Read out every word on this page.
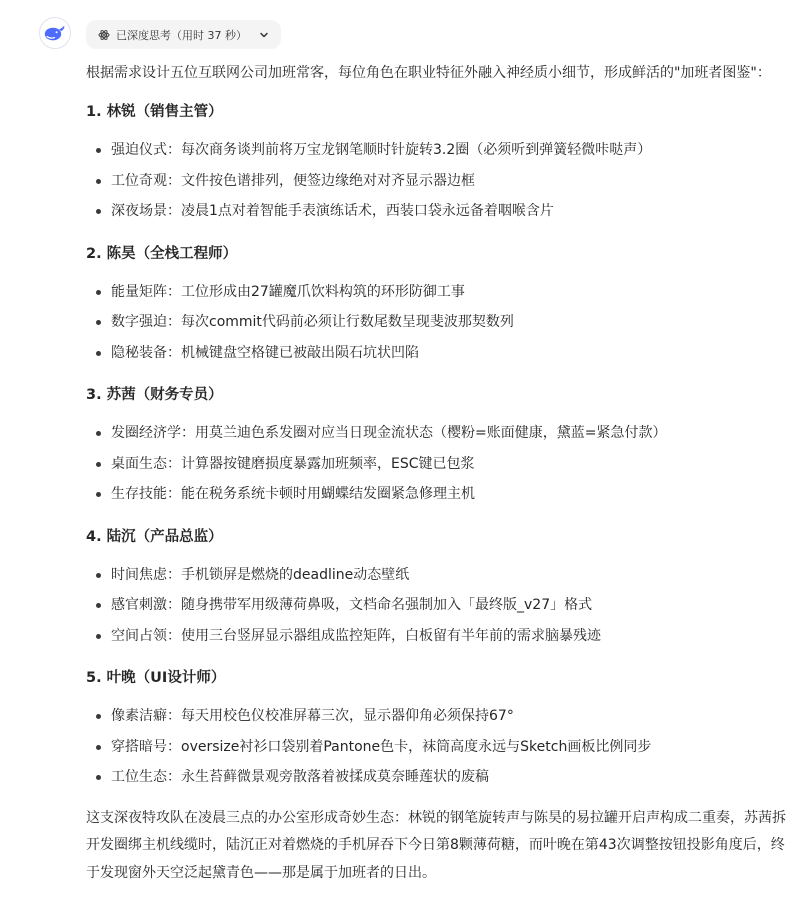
已深度思考（用时 37 秒）

根据需求设计五位互联网公司加班常客，每位角色在职业特征外融入神经质小细节，形成鲜活的"加班者图鉴"：

1. 林锐（销售主管）
强迫仪式：每次商务谈判前将万宝龙钢笔顺时针旋转3.2圈（必须听到弹簧轻微咔哒声）
工位奇观：文件按色谱排列，便签边缘绝对对齐显示器边框
深夜场景：凌晨1点对着智能手表演练话术，西装口袋永远备着咽喉含片
2. 陈昊（全栈工程师）
能量矩阵：工位形成由27罐魔爪饮料构筑的环形防御工事
数字强迫：每次commit代码前必须让行数尾数呈现斐波那契数列
隐秘装备：机械键盘空格键已被敲出陨石坑状凹陷
3. 苏茜（财务专员）
发圈经济学：用莫兰迪色系发圈对应当日现金流状态（樱粉=账面健康，黛蓝=紧急付款）
桌面生态：计算器按键磨损度暴露加班频率，ESC键已包浆
生存技能：能在税务系统卡顿时用蝴蝶结发圈紧急修理主机
4. 陆沉（产品总监）
时间焦虑：手机锁屏是燃烧的deadline动态壁纸
感官刺激：随身携带军用级薄荷鼻吸，文档命名强制加入「最终版_v27」格式
空间占领：使用三台竖屏显示器组成监控矩阵，白板留有半年前的需求脑暴残迹
5. 叶晚（UI设计师）
像素洁癖：每天用校色仪校准屏幕三次，显示器仰角必须保持67°
穿搭暗号：oversize衬衫口袋别着Pantone色卡，袜筒高度永远与Sketch画板比例同步
工位生态：永生苔藓微景观旁散落着被揉成莫奈睡莲状的废稿

这支深夜特攻队在凌晨三点的办公室形成奇妙生态：林锐的钢笔旋转声与陈昊的易拉罐开启声构成二重奏，苏茜拆开发圈绑主机线缆时，陆沉正对着燃烧的手机屏吞下今日第8颗薄荷糖，而叶晚在第43次调整按钮投影角度后，终于发现窗外天空泛起黛青色——那是属于加班者的日出。
